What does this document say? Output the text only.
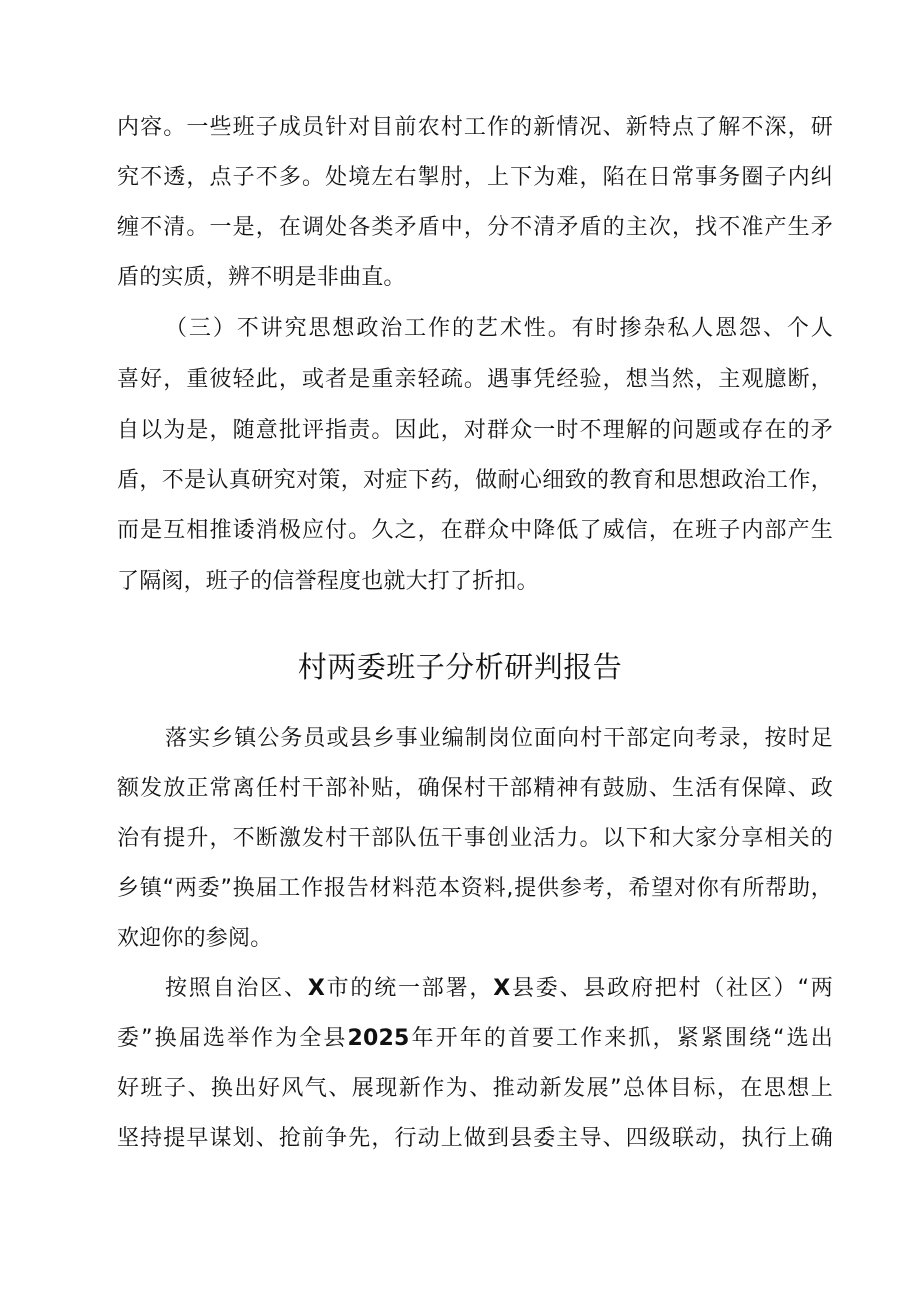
内容。一些班子成员针对目前农村工作的新情况、新特点了解不深，研
究不透，点子不多。处境左右掣肘，上下为难，陷在日常事务圈子内纠
缠不清。一是，在调处各类矛盾中，分不清矛盾的主次，找不准产生矛
盾的实质，辨不明是非曲直。
（三）不讲究思想政治工作的艺术性。有时掺杂私人恩怨、个人
喜好，重彼轻此，或者是重亲轻疏。遇事凭经验，想当然，主观臆断，
自以为是，随意批评指责。因此，对群众一时不理解的问题或存在的矛
盾，不是认真研究对策，对症下药，做耐心细致的教育和思想政治工作，
而是互相推诿消极应付。久之，在群众中降低了威信，在班子内部产生
了隔阂，班子的信誉程度也就大打了折扣。
村两委班子分析研判报告
落实乡镇公务员或县乡事业编制岗位面向村干部定向考录，按时足
额发放正常离任村干部补贴，确保村干部精神有鼓励、生活有保障、政
治有提升，不断激发村干部队伍干事创业活力。以下和大家分享相关的
乡镇“两委”换届工作报告材料范本资料,提供参考，希望对你有所帮助，
欢迎你的参阅。
按照自治区、X市的统一部署，X县委、县政府把村（社区）“两
委”换届选举作为全县2025年开年的首要工作来抓，紧紧围绕“选出
好班子、换出好风气、展现新作为、推动新发展”总体目标，在思想上
坚持提早谋划、抢前争先，行动上做到县委主导、四级联动，执行上确
